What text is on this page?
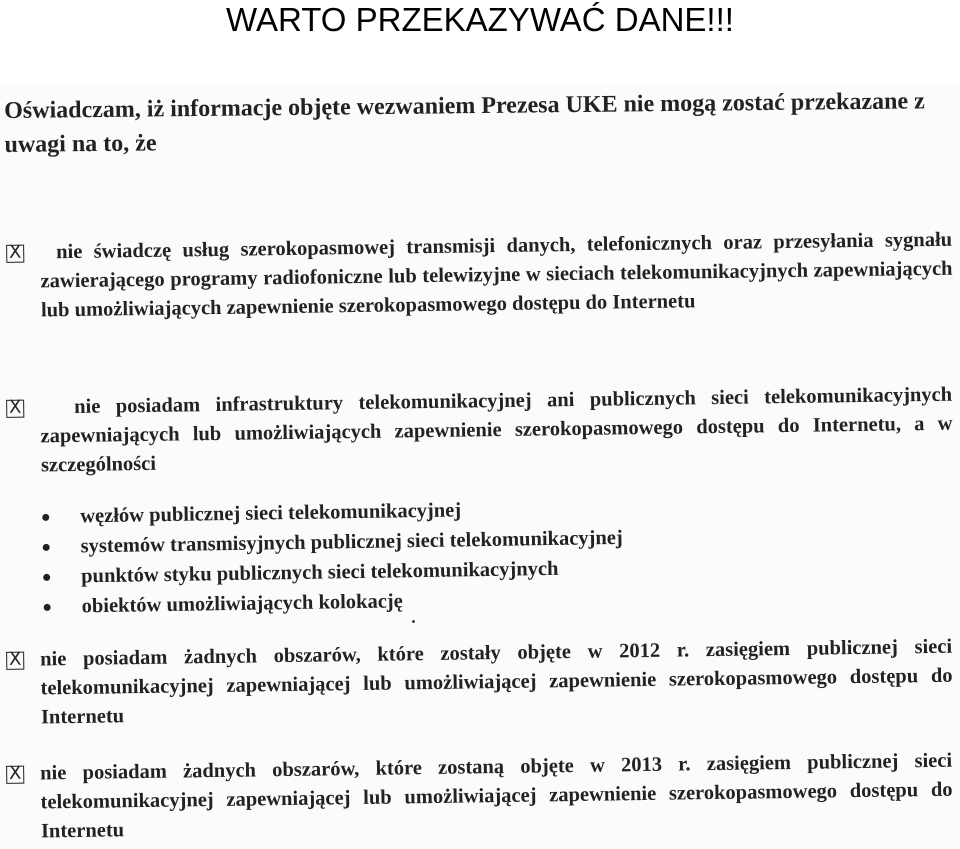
WARTO PRZEKAZYWAĆ DANE!!!
Oświadczam, iż informacje objęte wezwaniem Prezesa UKE nie mogą zostać przekazane z uwagi na to, że
X	nie świadczę usług szerokopasmowej transmisji danych, telefonicznych oraz przesyłania sygnału zawierającego programy radiofoniczne lub telewizyjne w sieciach telekomunikacyjnych zapewniających lub umożliwiających zapewnienie szerokopasmowego dostępu do Internetu
X	nie posiadam infrastruktury telekomunikacyjnej ani publicznych sieci telekomunikacyjnych zapewniających lub umożliwiających zapewnienie szerokopasmowego dostępu do Internetu, a w szczególności
węzłów publicznej sieci telekomunikacyjnej
systemów transmisyjnych publicznej sieci telekomunikacyjnej
punktów styku publicznych sieci telekomunikacyjnych
obiektów umożliwiających kolokację
X nie posiadam żadnych obszarów, które zostały objęte w 2012 r. zasięgiem publicznej sieci telekomunikacyjnej zapewniającej lub umożliwiającej zapewnienie szerokopasmowego dostępu do Internetu
X nie posiadam żadnych obszarów, które zostaną objęte w 2013 r. zasięgiem publicznej sieci telekomunikacyjnej zapewniającej lub umożliwiającej zapewnienie szerokopasmowego dostępu do Internetu
